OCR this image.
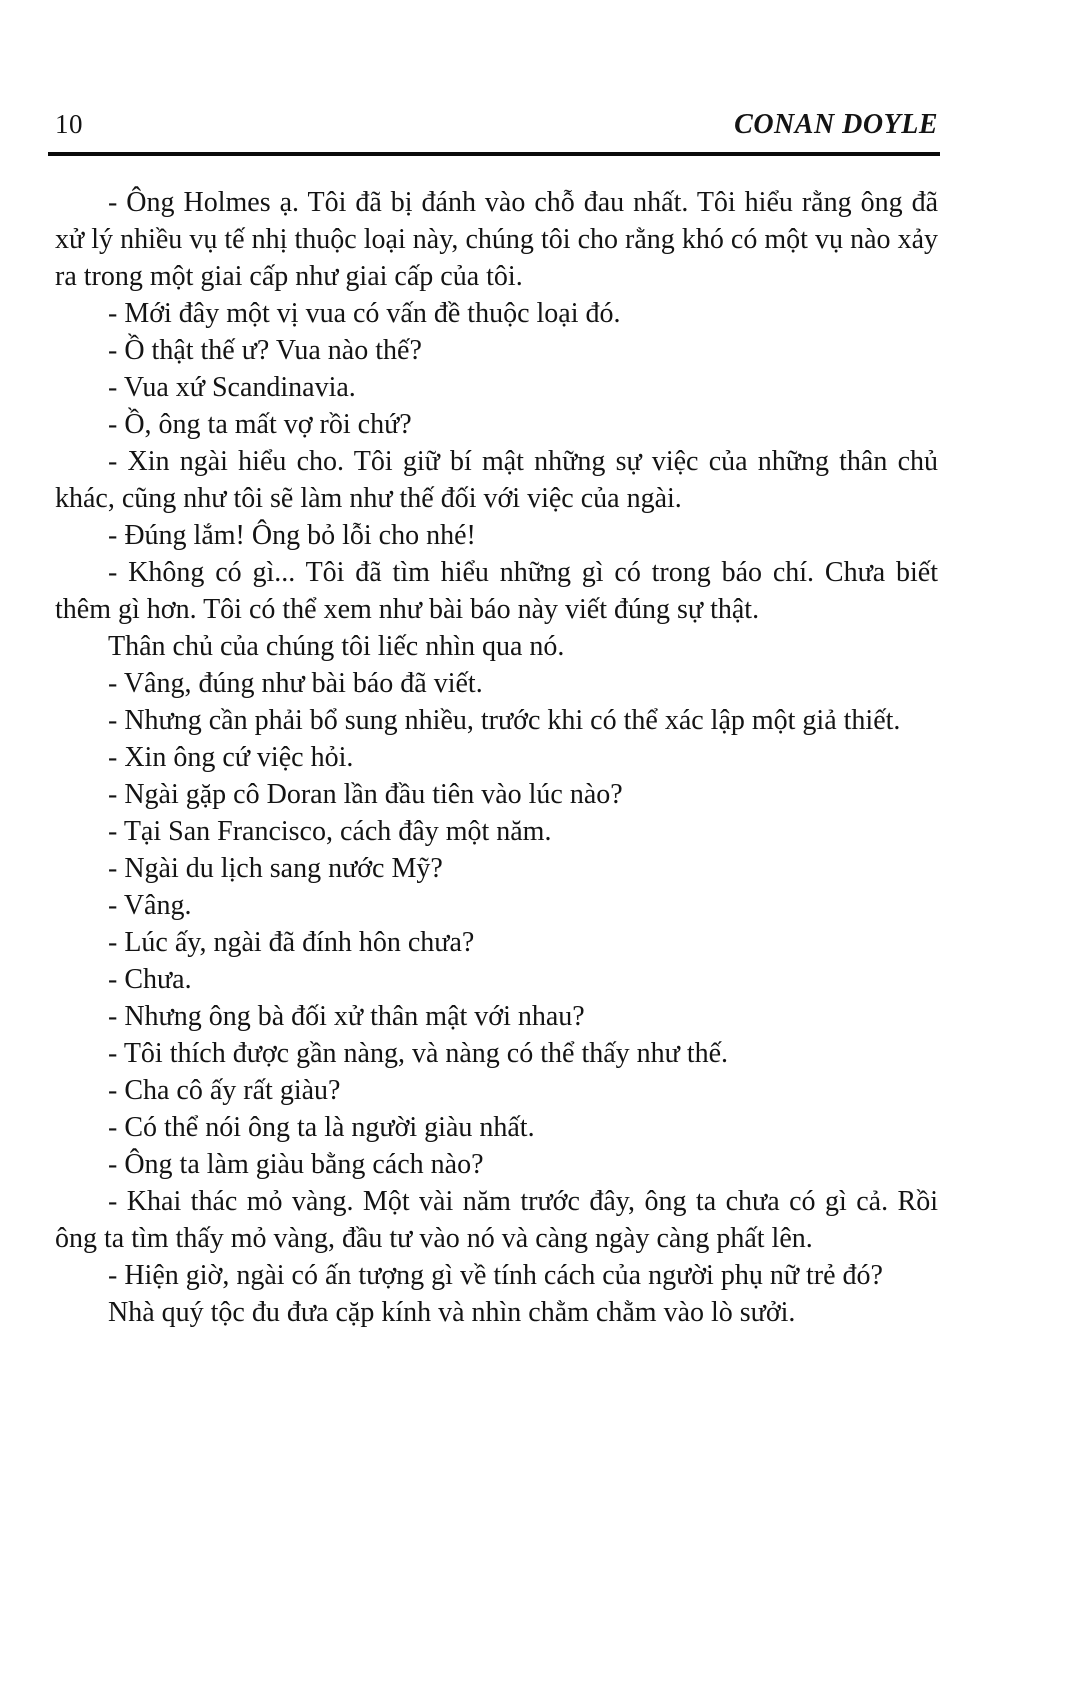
10	CONAN DOYLE

- Ông Holmes ạ. Tôi đã bị đánh vào chỗ đau nhất. Tôi hiểu rằng ông đã xử lý nhiều vụ tế nhị thuộc loại này, chúng tôi cho rằng khó có một vụ nào xảy ra trong một giai cấp như giai cấp của tôi.

- Mới đây một vị vua có vấn đề thuộc loại đó.

- Ồ thật thế ư? Vua nào thế?

- Vua xứ Scandinavia.

- Ồ, ông ta mất vợ rồi chứ?

- Xin ngài hiểu cho. Tôi giữ bí mật những sự việc của những thân chủ khác, cũng như tôi sẽ làm như thế đối với việc của ngài.

- Đúng lắm! Ông bỏ lỗi cho nhé!

- Không có gì... Tôi đã tìm hiểu những gì có trong báo chí. Chưa biết thêm gì hơn. Tôi có thể xem như bài báo này viết đúng sự thật.

Thân chủ của chúng tôi liếc nhìn qua nó.

- Vâng, đúng như bài báo đã viết.

- Nhưng cần phải bổ sung nhiều, trước khi có thể xác lập một giả thiết.

- Xin ông cứ việc hỏi.

- Ngài gặp cô Doran lần đầu tiên vào lúc nào?

- Tại San Francisco, cách đây một năm.

- Ngài du lịch sang nước Mỹ?

- Vâng.

- Lúc ấy, ngài đã đính hôn chưa?

- Chưa.

- Nhưng ông bà đối xử thân mật với nhau?

- Tôi thích được gần nàng, và nàng có thể thấy như thế.

- Cha cô ấy rất giàu?

- Có thể nói ông ta là người giàu nhất.

- Ông ta làm giàu bằng cách nào?

- Khai thác mỏ vàng. Một vài năm trước đây, ông ta chưa có gì cả. Rồi ông ta tìm thấy mỏ vàng, đầu tư vào nó và càng ngày càng phất lên.

- Hiện giờ, ngài có ấn tượng gì về tính cách của người phụ nữ trẻ đó?

Nhà quý tộc đu đưa cặp kính và nhìn chằm chằm vào lò sưởi.
